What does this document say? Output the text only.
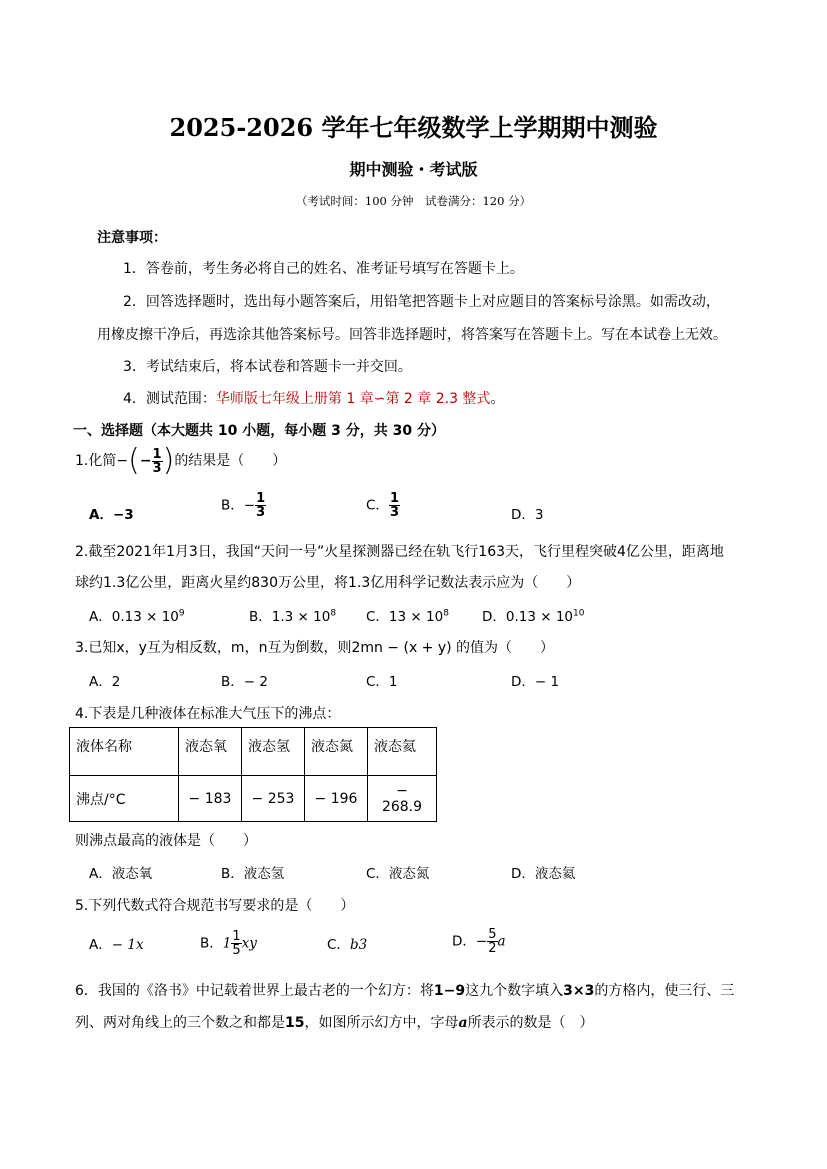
2025-2026 学年七年级数学上学期期中测验
期中测验・考试版
（考试时间：100 分钟　试卷满分：120 分）
注意事项：
1．答卷前，考生务必将自己的姓名、准考证号填写在答题卡上。
2．回答选择题时，选出每小题答案后，用铅笔把答题卡上对应题目的答案标号涂黑。如需改动，
用橡皮擦干净后，再选涂其他答案标号。回答非选择题时，将答案写在答题卡上。写在本试卷上无效。
3．考试结束后，将本试卷和答题卡一并交回。
4．测试范围：华师版七年级上册第 1 章∽第 2 章 2.3 整式。
一、选择题（本大题共 10 小题，每小题 3 分，共 30 分）
1.化简−(− $\frac{1}{3}$ )的结果是（　　）
A．−3
B．− $\frac{1}{3}$	C． $\frac{1}{3}$	D．3
2.截至2021年1月3日，我国“天问一号”火星探测器已经在轨飞行163天，飞行里程突破4亿公里，距离地
球约1.3亿公里，距离火星约830万公里，将1.3亿用科学记数法表示应为（　　）
A．$0.13 \times 10^9$	B．$1.3 \times 10^8$ C．$13 \times 10^8$ D．$0.13 \times 10^{10}$
3.已知x，y互为相反数，m，n互为倒数，则2mn − (x + y) 的值为（　　）
A．2	B．− 2	C．1	D．− 1
4.下表是几种液体在标准大气压下的沸点：
液体名称	液态氧	液态氢	液态氮	液态氦
沸点/°C	− 183	− 253	− 196	− 268.9
则沸点最高的液体是（　　）
A．液态氧	B．液态氢	C．液态氮	D．液态氦
5.下列代数式符合规范书写要求的是（　　）
A．− 1x	B．$1 \frac{1}{5}$ xy	C．b3	D．− $\frac{5}{2}$ a
6．我国的《洛书》中记载着世界上最古老的一个幻方：将1−9这九个数字填入3×3的方格内，使三行、三
列、两对角线上的三个数之和都是15，如图所示幻方中，字母a所表示的数是（　）
